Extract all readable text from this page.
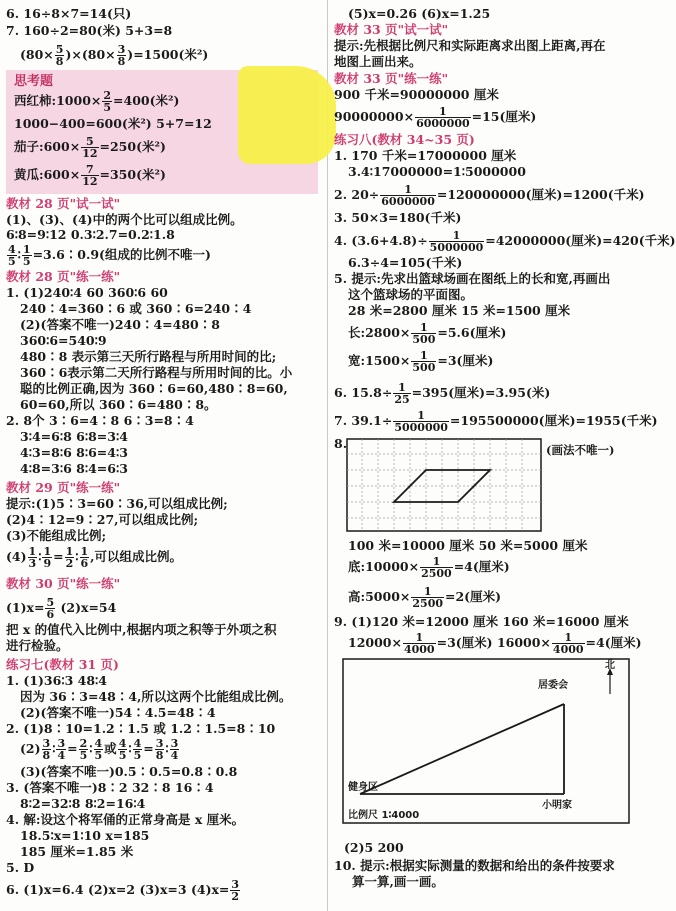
6. 16÷8×7=14(只)
7. 160÷2=80(米) 5+3=8
$(80\times \frac{5}{8} )\times(80\times \frac{3}{8} )=1500$(米²)
思考题
西红柿:1000× $\frac{2}{5} =400$(米²)
1000−400=600(米²) 5+7=12
茄子:600× $\frac{5}{12} =250$(米²)
黄瓜:600× $\frac{7}{12} =350$(米²)
教材 28 页"试一试"
(1)、(3)、(4)中的两个比可以组成比例。
6∶8=9∶12 0.3∶2.7=0.2∶1.8
$\frac{4}{5}$ ∶ $\frac{1}{5}$ =3.6∶0.9(组成的比例不唯一)
教材 28 页"练一练"
1. (1)240∶4 60 360∶6 60
240∶4=360∶6 或 360∶6=240∶4
(2)(答案不唯一)240∶4=480∶8
360∶6=540∶9
480∶8 表示第三天所行路程与所用时间的比;
360∶6表示第二天所行路程与所用时间的比。小
聪的比例正确,因为 360∶6=60,480∶8=60,
60=60,所以 360∶6=480∶8。
2. 8个 3∶6=4∶8 6∶3=8∶4
3∶4=6∶8 6∶8=3∶4
4∶3=8∶6 8∶6=4∶3
4∶8=3∶6 8∶4=6∶3
教材 29 页"练一练"
提示:(1)5∶3=60∶36,可以组成比例;
(2)4∶12=9∶27,可以组成比例;
(3)不能组成比例;
$(4) \frac{1}{3}$ ∶ $\frac{1}{9} = \frac{1}{2}$ ∶ $\frac{1}{6}$ ,可以组成比例。
教材 30 页"练一练"
$(1)x= \frac{5}{6} (2)x=54$
把 x 的值代入比例中,根据内项之积等于外项之积
进行检验。
练习七(教材 31 页)
1. (1)36∶3 48∶4
因为 36∶3=48∶4,所以这两个比能组成比例。
(2)(答案不唯一)54∶4.5=48∶4
2. (1)8∶10=1.2∶1.5 或 1.2∶1.5=8∶10
$(2) \frac{3}{8}$ ∶ $\frac{3}{4} = \frac{2}{5}$ ∶ $\frac{4}{5}$ 或 $\frac{4}{5}$ ∶ $\frac{4}{5} = \frac{3}{8}$ ∶ $\frac{3}{4}$
(3)(答案不唯一)0.5∶0.5=0.8∶0.8
3. (答案不唯一)8∶2 32∶8 16∶4
8∶2=32∶8 8∶2=16∶4
4. 解:设这个将军俑的正常身高是 x 厘米。
18.5∶x=1∶10 x=185
185 厘米=1.85 米
5. D
6. (1)x=6.4 (2)x=2 (3)x=3 $(4)x= \frac{3}{2}$
(5)x=0.26 (6)x=1.25
教材 33 页"试一试"
提示:先根据比例尺和实际距离求出图上距离,再在
地图上画出来。
教材 33 页"练一练"
900 千米=90000000 厘米
$90000000\times \frac{1}{6000000} =15$(厘米)
练习八(教材 34~35 页)
1. 170 千米=17000000 厘米
3.4∶17000000=1∶5000000
2. $20\div \frac{1}{6000000} =120000000$(厘米)=1200(千米)
3. 50×3=180(千米)
4. $(3.6+4.8)\div \frac{1}{5000000} =42000000$(厘米)=420(千米)
6.3÷4=105(千米)
5. 提示:先求出篮球场画在图纸上的长和宽,再画出
这个篮球场的平面图。
28 米=2800 厘米 15 米=1500 厘米
长:2800× $\frac{1}{500} =5.6$(厘米)
宽:1500× $\frac{1}{500} =3$(厘米)
6. $15.8\div \frac{1}{25} =395$(厘米)=3.95(米)
7. $39.1\div \frac{1}{5000000} =195500000$(厘米)=1955(千米)
8.	(画法不唯一)
100 米=10000 厘米 50 米=5000 厘米
底:10000× $\frac{1}{2500} =4$(厘米)
高:5000× $\frac{1}{2500} =2$(厘米)
9. (1)120 米=12000 厘米 160 米=16000 厘米
$12000\times \frac{1}{4000} =3$(厘米) $16000\times \frac{1}{4000} =4$(厘米)
北
居委会
健身区
小明家
比例尺 1∶4000
(2)5 200
10. 提示:根据实际测量的数据和给出的条件按要求
算一算,画一画。
